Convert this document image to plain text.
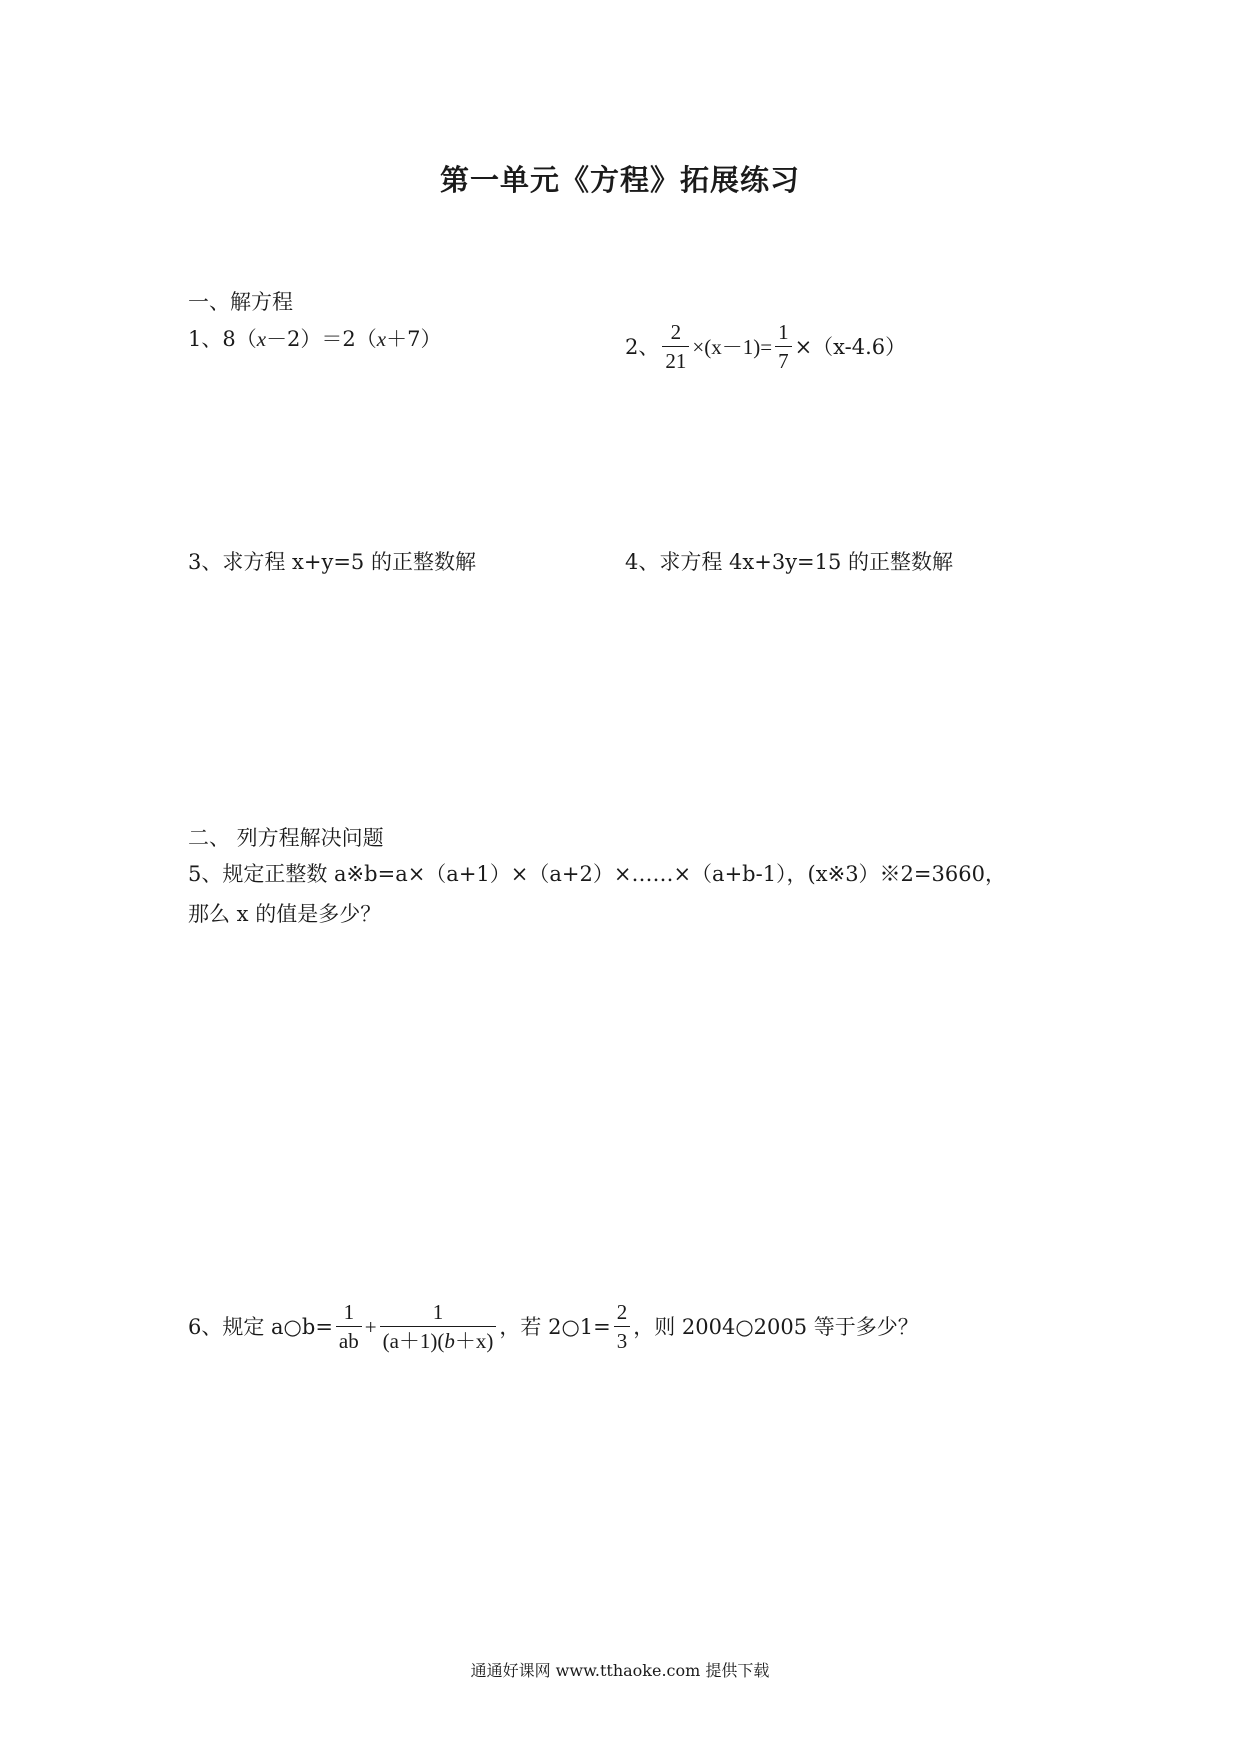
第一单元《方程》拓展练习
一、解方程
1、8（x－2）＝2（x＋7）	2、 $\frac{2}{21} \times(x-1)= \frac{1}{7} \times(x-4.6)$
3、求方程 x+y=5 的正整数解	4、求方程 4x+3y=15 的正整数解
二、 列方程解决问题
5、规定正整数 a※b=a×（a+1）×（a+2）×……×（a+b-1），(x※3）※2=3660，
那么 x 的值是多少？
6、规定 a○b= $\frac{1}{ab} + \frac{1}{(a+1)(b+x)}$ ，若 2○1= $\frac{2}{3}$ ，则 2004○2005 等于多少？
通通好课网 www.tthaoke.com 提供下载
